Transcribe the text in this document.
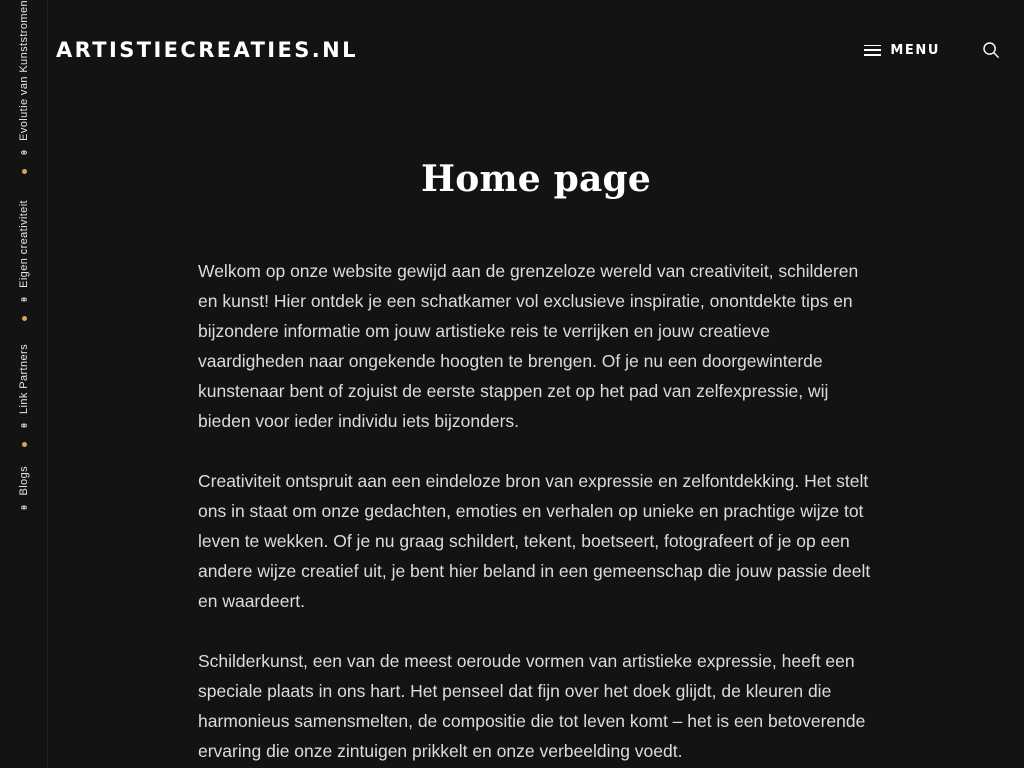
Evolutie van Kunststromen
⚭
Eigen creativiteit
⚭
Link Partners
⚭
Blogs
⚭
ARTISTIECREATIES.NL	MENU
Home page

Welkom op onze website gewijd aan de grenzeloze wereld van creativiteit, schilderen en kunst! Hier ontdek je een schatkamer vol exclusieve inspiratie, onontdekte tips en bijzondere informatie om jouw artistieke reis te verrijken en jouw creatieve vaardigheden naar ongekende hoogten te brengen. Of je nu een doorgewinterde kunstenaar bent of zojuist de eerste stappen zet op het pad van zelfexpressie, wij bieden voor ieder individu iets bijzonders.

Creativiteit ontspruit aan een eindeloze bron van expressie en zelfontdekking. Het stelt ons in staat om onze gedachten, emoties en verhalen op unieke en prachtige wijze tot leven te wekken. Of je nu graag schildert, tekent, boetseert, fotografeert of je op een andere wijze creatief uit, je bent hier beland in een gemeenschap die jouw passie deelt en waardeert.

Schilderkunst, een van de meest oeroude vormen van artistieke expressie, heeft een speciale plaats in ons hart. Het penseel dat fijn over het doek glijdt, de kleuren die harmonieus samensmelten, de compositie die tot leven komt – het is een betoverende ervaring die onze zintuigen prikkelt en onze verbeelding voedt.
